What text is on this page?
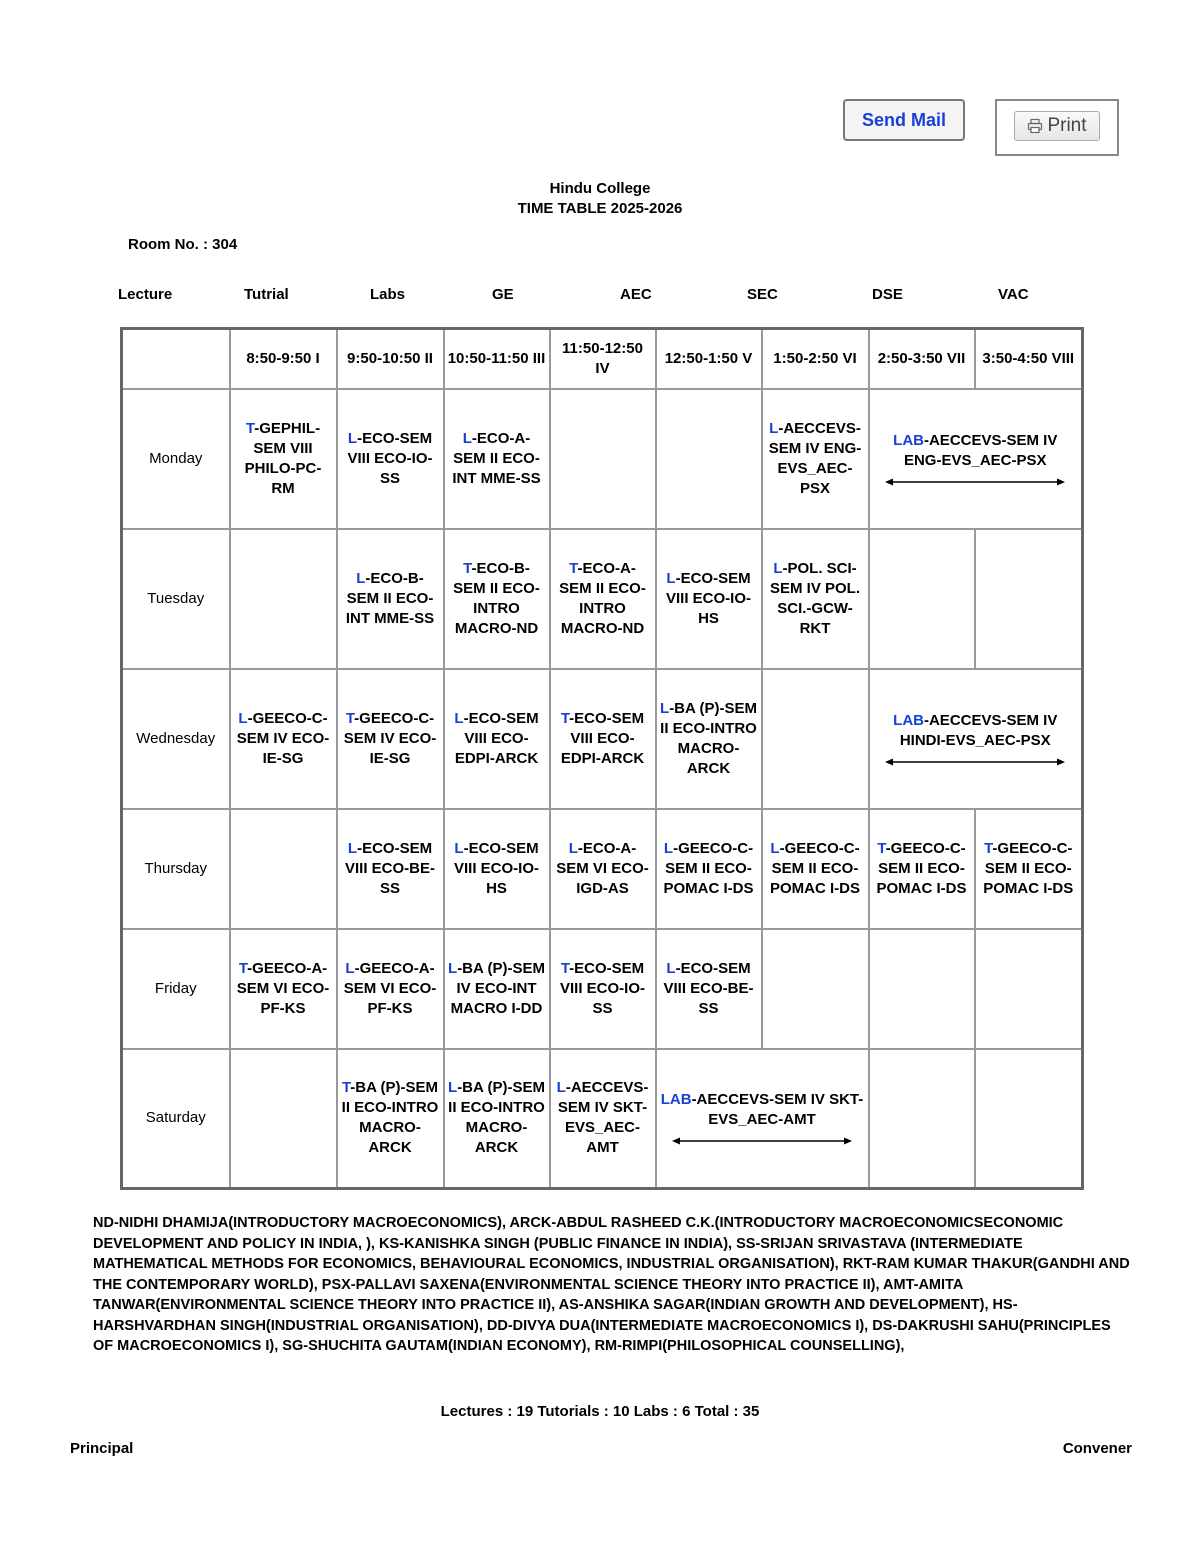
Send Mail	Print
Hindu College
TIME TABLE 2025-2026
Room No. : 304
Lecture	Tutrial	Labs	GE	AEC	SEC	DSE	VAC
	8:50-9:50 I	9:50-10:50 II	10:50-11:50 III	11:50-12:50 IV	12:50-1:50 V	1:50-2:50 VI	2:50-3:50 VII	3:50-4:50 VIII
Monday	T-GEPHIL-SEM VIII PHILO-PC-RM	L-ECO-SEM VIII ECO-IO-SS	L-ECO-A-SEM II ECO-INT MME-SS			L-AECCEVS-SEM IV ENG-EVS_AEC-PSX	LAB-AECCEVS-SEM IV ENG-EVS_AEC-PSX	

Tuesday		L-ECO-B-SEM II ECO-INT MME-SS	T-ECO-B-SEM II ECO-INTRO MACRO-ND	T-ECO-A-SEM II ECO-INTRO MACRO-ND	L-ECO-SEM VIII ECO-IO-HS	L-POL. SCI-SEM IV POL. SCI.-GCW-RKT		
Wednesday	L-GEECO-C-SEM IV ECO-IE-SG	T-GEECO-C-SEM IV ECO-IE-SG	L-ECO-SEM VIII ECO-EDPI-ARCK	T-ECO-SEM VIII ECO-EDPI-ARCK	L-BA (P)-SEM II ECO-INTRO MACRO-ARCK		LAB-AECCEVS-SEM IV HINDI-EVS_AEC-PSX	

Thursday		L-ECO-SEM VIII ECO-BE-SS	L-ECO-SEM VIII ECO-IO-HS	L-ECO-A-SEM VI ECO-IGD-AS	L-GEECO-C-SEM II ECO-POMAC I-DS	L-GEECO-C-SEM II ECO-POMAC I-DS	T-GEECO-C-SEM II ECO-POMAC I-DS	T-GEECO-C-SEM II ECO-POMAC I-DS
Friday	T-GEECO-A-SEM VI ECO-PF-KS	L-GEECO-A-SEM VI ECO-PF-KS	L-BA (P)-SEM IV ECO-INT MACRO I-DD	T-ECO-SEM VIII ECO-IO-SS	L-ECO-SEM VIII ECO-BE-SS			
Saturday		T-BA (P)-SEM II ECO-INTRO MACRO-ARCK	L-BA (P)-SEM II ECO-INTRO MACRO-ARCK	L-AECCEVS-SEM IV SKT-EVS_AEC-AMT	LAB-AECCEVS-SEM IV SKT-EVS_AEC-AMT	

ND-NIDHI DHAMIJA(INTRODUCTORY MACROECONOMICS), ARCK-ABDUL RASHEED C.K.(INTRODUCTORY MACROECONOMICSECONOMIC DEVELOPMENT AND POLICY IN INDIA, ), KS-KANISHKA SINGH (PUBLIC FINANCE IN INDIA), SS-SRIJAN SRIVASTAVA (INTERMEDIATE MATHEMATICAL METHODS FOR ECONOMICS, BEHAVIOURAL ECONOMICS, INDUSTRIAL ORGANISATION), RKT-RAM KUMAR THAKUR(GANDHI AND THE CONTEMPORARY WORLD), PSX-PALLAVI SAXENA(ENVIRONMENTAL SCIENCE THEORY INTO PRACTICE II), AMT-AMITA TANWAR(ENVIRONMENTAL SCIENCE THEORY INTO PRACTICE II), AS-ANSHIKA SAGAR(INDIAN GROWTH AND DEVELOPMENT), HS-HARSHVARDHAN SINGH(INDUSTRIAL ORGANISATION), DD-DIVYA DUA(INTERMEDIATE MACROECONOMICS I), DS-DAKRUSHI SAHU(PRINCIPLES OF MACROECONOMICS I), SG-SHUCHITA GAUTAM(INDIAN ECONOMY), RM-RIMPI(PHILOSOPHICAL COUNSELLING),
Lectures : 19 Tutorials : 10 Labs : 6 Total : 35
Principal	Convener
